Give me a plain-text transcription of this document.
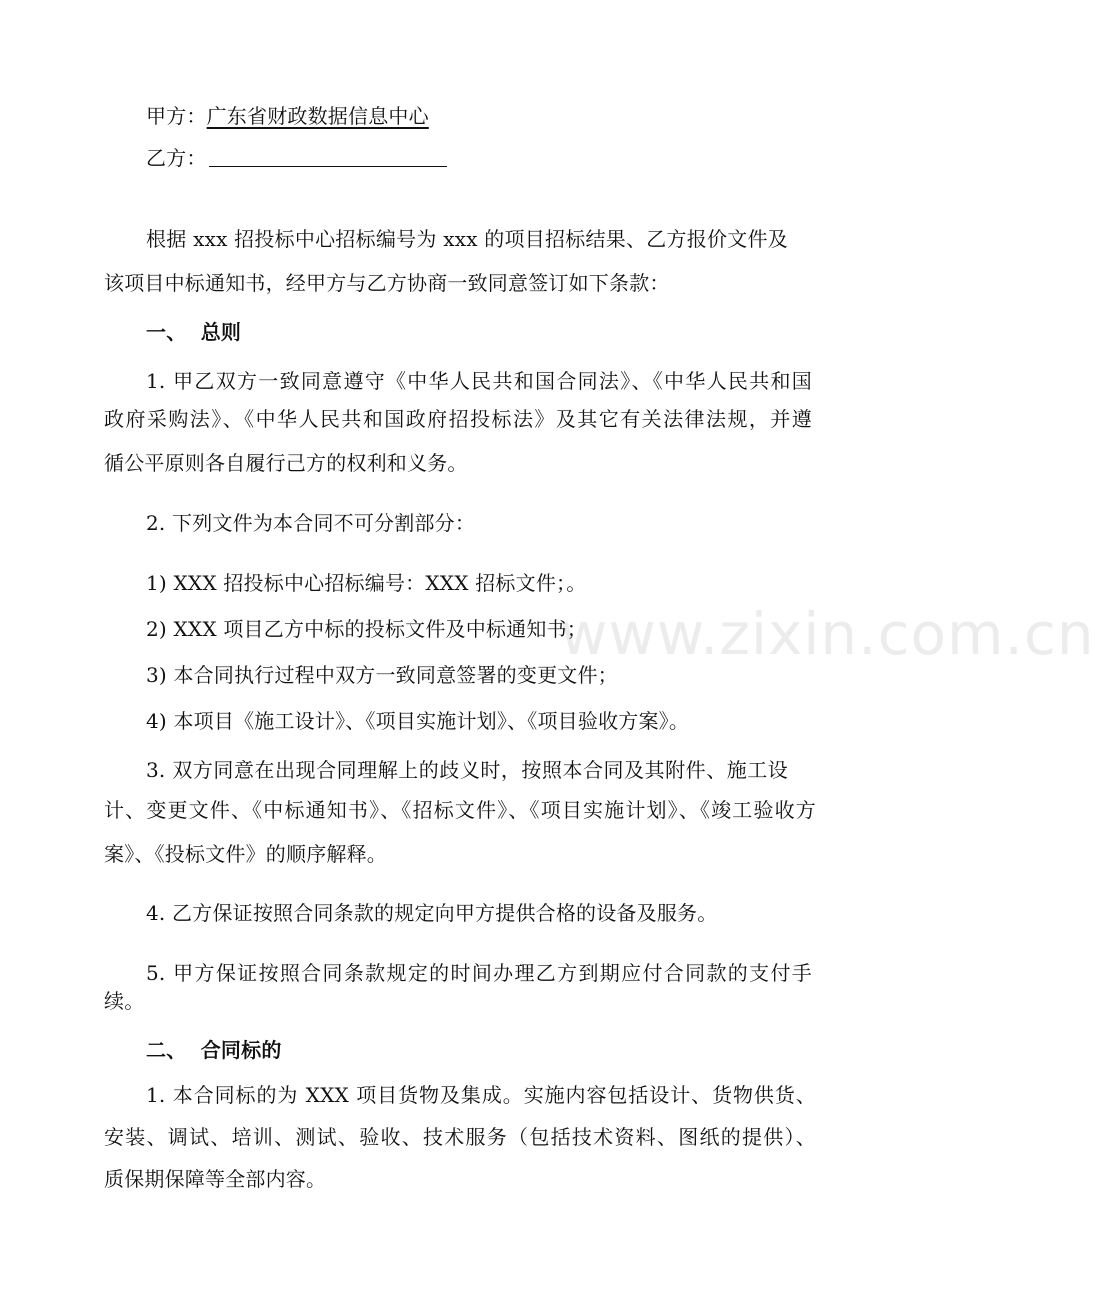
www.zixin.com.cn
甲方：广东省财政数据信息中心
乙方：
根据 xxx 招投标中心招标编号为 xxx 的项目招标结果、乙方报价文件及
该项目中标通知书，经甲方与乙方协商一致同意签订如下条款：
一、  总则
1. 甲乙双方一致同意遵守《中华人民共和国合同法》、《中华人民共和国
政府采购法》、《中华人民共和国政府招投标法》及其它有关法律法规，并遵
循公平原则各自履行己方的权利和义务。
2. 下列文件为本合同不可分割部分：
1) XXX 招投标中心招标编号：XXX 招标文件；。
2) XXX 项目乙方中标的投标文件及中标通知书；
3) 本合同执行过程中双方一致同意签署的变更文件；
4) 本项目《施工设计》、《项目实施计划》、《项目验收方案》。
3. 双方同意在出现合同理解上的歧义时，按照本合同及其附件、施工设
计、变更文件、《中标通知书》、《招标文件》、《项目实施计划》、《竣工验收方
案》、《投标文件》的顺序解释。
4. 乙方保证按照合同条款的规定向甲方提供合格的设备及服务。
5. 甲方保证按照合同条款规定的时间办理乙方到期应付合同款的支付手
续。
二、  合同标的
1. 本合同标的为 XXX 项目货物及集成。实施内容包括设计、货物供货、
安装、调试、培训、测试、验收、技术服务（包括技术资料、图纸的提供）、
质保期保障等全部内容。
